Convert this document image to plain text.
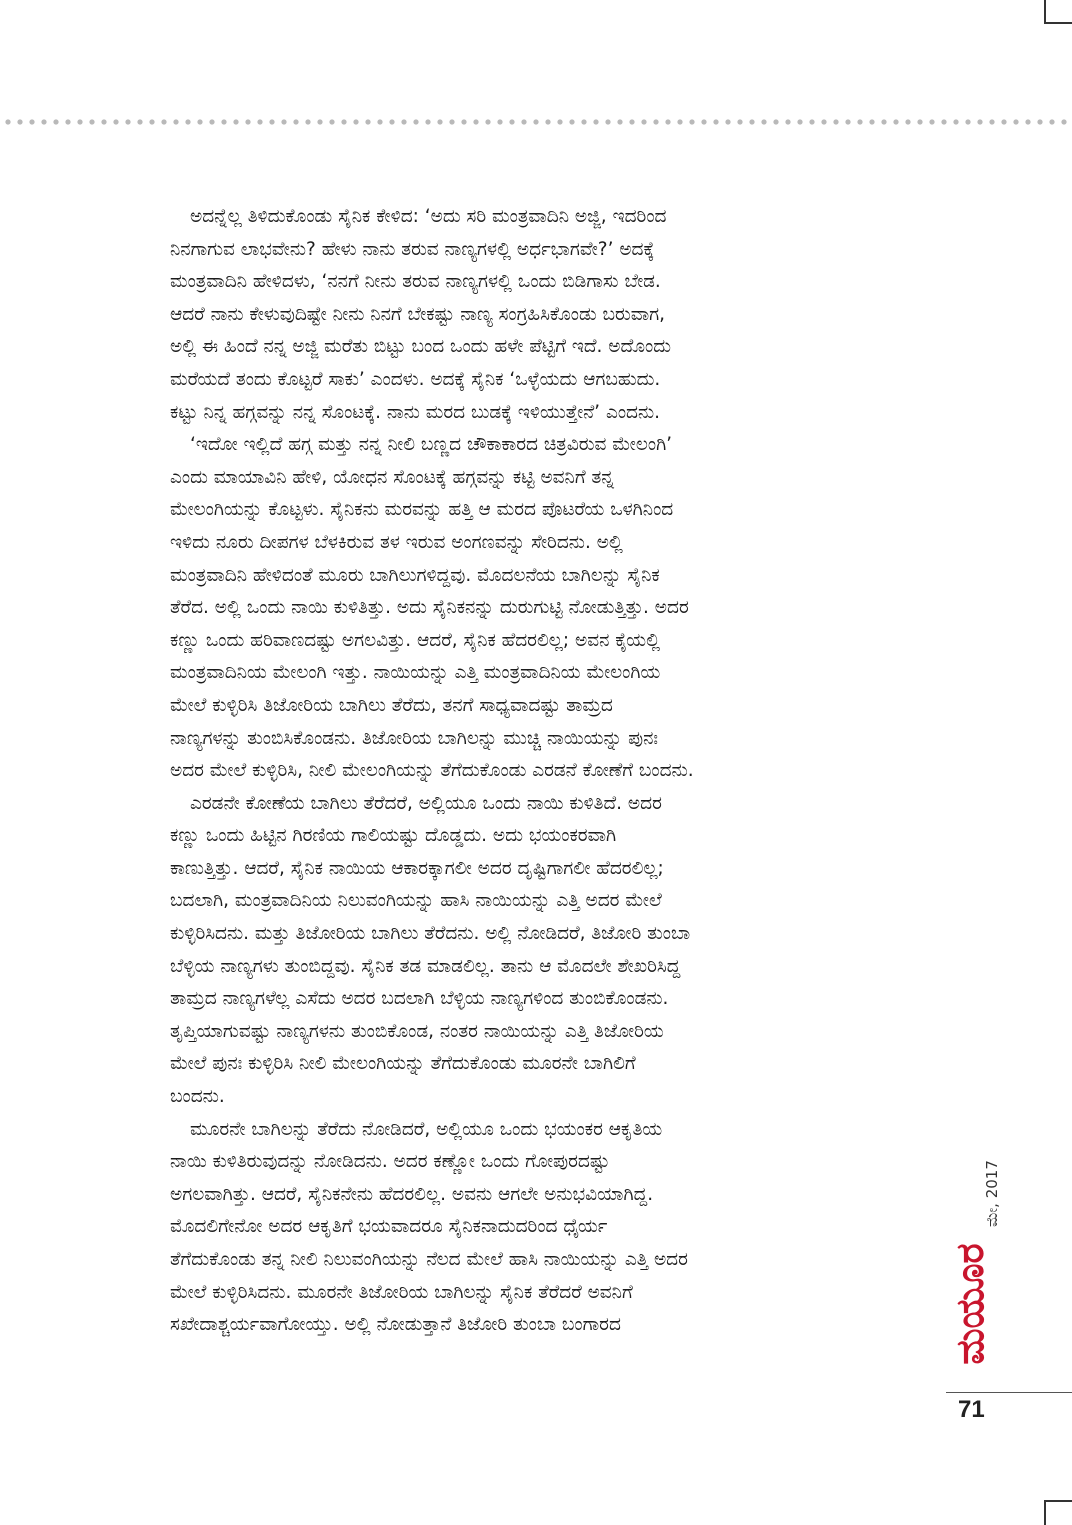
ಅದನ್ನೆಲ್ಲ ತಿಳಿದುಕೊಂಡು ಸೈನಿಕ ಕೇಳಿದ: ‘ಅದು ಸರಿ ಮಂತ್ರವಾದಿನಿ ಅಜ್ಜಿ, ಇದರಿಂದ
ನಿನಗಾಗುವ ಲಾಭವೇನು? ಹೇಳು ನಾನು ತರುವ ನಾಣ್ಯಗಳಲ್ಲಿ ಅರ್ಧಭಾಗವೇ?’ ಅದಕ್ಕೆ
ಮಂತ್ರವಾದಿನಿ ಹೇಳಿದಳು, ‘ನನಗೆ ನೀನು ತರುವ ನಾಣ್ಯಗಳಲ್ಲಿ ಒಂದು ಬಿಡಿಗಾಸು ಬೇಡ.
ಆದರೆ ನಾನು ಕೇಳುವುದಿಷ್ಟೇ ನೀನು ನಿನಗೆ ಬೇಕಷ್ಟು ನಾಣ್ಯ ಸಂಗ್ರಹಿಸಿಕೊಂಡು ಬರುವಾಗ,
ಅಲ್ಲಿ ಈ ಹಿಂದೆ ನನ್ನ ಅಜ್ಜಿ ಮರೆತು ಬಿಟ್ಟು ಬಂದ ಒಂದು ಹಳೇ ಪೆಟ್ಟಿಗೆ ಇದೆ. ಅದೊಂದು
ಮರೆಯದೆ ತಂದು ಕೊಟ್ಟರೆ ಸಾಕು’ ಎಂದಳು. ಅದಕ್ಕೆ ಸೈನಿಕ ‘ಒಳ್ಳೆಯದು ಆಗಬಹುದು.
ಕಟ್ಟು ನಿನ್ನ ಹಗ್ಗವನ್ನು ನನ್ನ ಸೊಂಟಕ್ಕೆ. ನಾನು ಮರದ ಬುಡಕ್ಕೆ ಇಳಿಯುತ್ತೇನೆ’ ಎಂದನು.
‘ಇದೋ ಇಲ್ಲಿದೆ ಹಗ್ಗ ಮತ್ತು ನನ್ನ ನೀಲಿ ಬಣ್ಣದ ಚೌಕಾಕಾರದ ಚಿತ್ರವಿರುವ ಮೇಲಂಗಿ’
ಎಂದು ಮಾಯಾವಿನಿ ಹೇಳಿ, ಯೋಧನ ಸೊಂಟಕ್ಕೆ ಹಗ್ಗವನ್ನು ಕಟ್ಟಿ ಅವನಿಗೆ ತನ್ನ
ಮೇಲಂಗಿಯನ್ನು ಕೊಟ್ಟಳು. ಸೈನಿಕನು ಮರವನ್ನು ಹತ್ತಿ ಆ ಮರದ ಪೊಟರೆಯ ಒಳಗಿನಿಂದ
ಇಳಿದು ನೂರು ದೀಪಗಳ ಬೆಳಕಿರುವ ತಳ ಇರುವ ಅಂಗಣವನ್ನು ಸೇರಿದನು. ಅಲ್ಲಿ
ಮಂತ್ರವಾದಿನಿ ಹೇಳಿದಂತೆ ಮೂರು ಬಾಗಿಲುಗಳಿದ್ದವು. ಮೊದಲನೆಯ ಬಾಗಿಲನ್ನು ಸೈನಿಕ
ತೆರೆದ. ಅಲ್ಲಿ ಒಂದು ನಾಯಿ ಕುಳಿತಿತ್ತು. ಅದು ಸೈನಿಕನನ್ನು ದುರುಗುಟ್ಟಿ ನೋಡುತ್ತಿತ್ತು. ಅದರ
ಕಣ್ಣು ಒಂದು ಹರಿವಾಣದಷ್ಟು ಅಗಲವಿತ್ತು. ಆದರೆ, ಸೈನಿಕ ಹೆದರಲಿಲ್ಲ; ಅವನ ಕೈಯಲ್ಲಿ
ಮಂತ್ರವಾದಿನಿಯ ಮೇಲಂಗಿ ಇತ್ತು. ನಾಯಿಯನ್ನು ಎತ್ತಿ ಮಂತ್ರವಾದಿನಿಯ ಮೇಲಂಗಿಯ
ಮೇಲೆ ಕುಳ್ಳಿರಿಸಿ ತಿಜೋರಿಯ ಬಾಗಿಲು ತೆರೆದು, ತನಗೆ ಸಾಧ್ಯವಾದಷ್ಟು ತಾಮ್ರದ
ನಾಣ್ಯಗಳನ್ನು ತುಂಬಿಸಿಕೊಂಡನು. ತಿಜೋರಿಯ ಬಾಗಿಲನ್ನು ಮುಚ್ಚಿ ನಾಯಿಯನ್ನು ಪುನಃ
ಅದರ ಮೇಲೆ ಕುಳ್ಳಿರಿಸಿ, ನೀಲಿ ಮೇಲಂಗಿಯನ್ನು ತೆಗೆದುಕೊಂಡು ಎರಡನೆ ಕೋಣೆಗೆ ಬಂದನು.
ಎರಡನೇ ಕೋಣೆಯ ಬಾಗಿಲು ತೆರೆದರೆ, ಅಲ್ಲಿಯೂ ಒಂದು ನಾಯಿ ಕುಳಿತಿದೆ. ಅದರ
ಕಣ್ಣು ಒಂದು ಹಿಟ್ಟಿನ ಗಿರಣಿಯ ಗಾಲಿಯಷ್ಟು ದೊಡ್ಡದು. ಅದು ಭಯಂಕರವಾಗಿ
ಕಾಣುತ್ತಿತ್ತು. ಆದರೆ, ಸೈನಿಕ ನಾಯಿಯ ಆಕಾರಕ್ಕಾಗಲೀ ಅದರ ದೃಷ್ಟಿಗಾಗಲೀ ಹೆದರಲಿಲ್ಲ;
ಬದಲಾಗಿ, ಮಂತ್ರವಾದಿನಿಯ ನಿಲುವಂಗಿಯನ್ನು ಹಾಸಿ ನಾಯಿಯನ್ನು ಎತ್ತಿ ಅದರ ಮೇಲೆ
ಕುಳ್ಳಿರಿಸಿದನು. ಮತ್ತು ತಿಜೋರಿಯ ಬಾಗಿಲು ತೆರೆದನು. ಅಲ್ಲಿ ನೋಡಿದರೆ, ತಿಜೋರಿ ತುಂಬಾ
ಬೆಳ್ಳಿಯ ನಾಣ್ಯಗಳು ತುಂಬಿದ್ದವು. ಸೈನಿಕ ತಡ ಮಾಡಲಿಲ್ಲ. ತಾನು ಆ ಮೊದಲೇ ಶೇಖರಿಸಿದ್ದ
ತಾಮ್ರದ ನಾಣ್ಯಗಳೆಲ್ಲ ಎಸೆದು ಅದರ ಬದಲಾಗಿ ಬೆಳ್ಳಿಯ ನಾಣ್ಯಗಳಿಂದ ತುಂಬಿಕೊಂಡನು.
ತೃಪ್ತಿಯಾಗುವಷ್ಟು ನಾಣ್ಯಗಳನು ತುಂಬಿಕೊಂಡ, ನಂತರ ನಾಯಿಯನ್ನು ಎತ್ತಿ ತಿಜೋರಿಯ
ಮೇಲೆ ಪುನಃ ಕುಳ್ಳಿರಿಸಿ ನೀಲಿ ಮೇಲಂಗಿಯನ್ನು ತೆಗೆದುಕೊಂಡು ಮೂರನೇ ಬಾಗಿಲಿಗೆ
ಬಂದನು.
ಮೂರನೇ ಬಾಗಿಲನ್ನು ತೆರೆದು ನೋಡಿದರೆ, ಅಲ್ಲಿಯೂ ಒಂದು ಭಯಂಕರ ಆಕೃತಿಯ
ನಾಯಿ ಕುಳಿತಿರುವುದನ್ನು ನೋಡಿದನು. ಅದರ ಕಣ್ಣೋ ಒಂದು ಗೋಪುರದಷ್ಟು
ಅಗಲವಾಗಿತ್ತು. ಆದರೆ, ಸೈನಿಕನೇನು ಹೆದರಲಿಲ್ಲ. ಅವನು ಆಗಲೇ ಅನುಭವಿಯಾಗಿದ್ದ.
ಮೊದಲಿಗೇನೋ ಅದರ ಆಕೃತಿಗೆ ಭಯವಾದರೂ ಸೈನಿಕನಾದುದರಿಂದ ಧೈರ್ಯ
ತೆಗೆದುಕೊಂಡು ತನ್ನ ನೀಲಿ ನಿಲುವಂಗಿಯನ್ನು ನೆಲದ ಮೇಲೆ ಹಾಸಿ ನಾಯಿಯನ್ನು ಎತ್ತಿ ಅದರ
ಮೇಲೆ ಕುಳ್ಳಿರಿಸಿದನು. ಮೂರನೇ ತಿಜೋರಿಯ ಬಾಗಿಲನ್ನು ಸೈನಿಕ ತೆರೆದರೆ ಅವನಿಗೆ
ಸಖೇದಾಶ್ಚರ್ಯವಾಗೋಯ್ತು. ಅಲ್ಲಿ ನೋಡುತ್ತಾನೆ ತಿಜೋರಿ ತುಂಬಾ ಬಂಗಾರದ
ಮೇ, 2017
ಮಯೂರ
71
